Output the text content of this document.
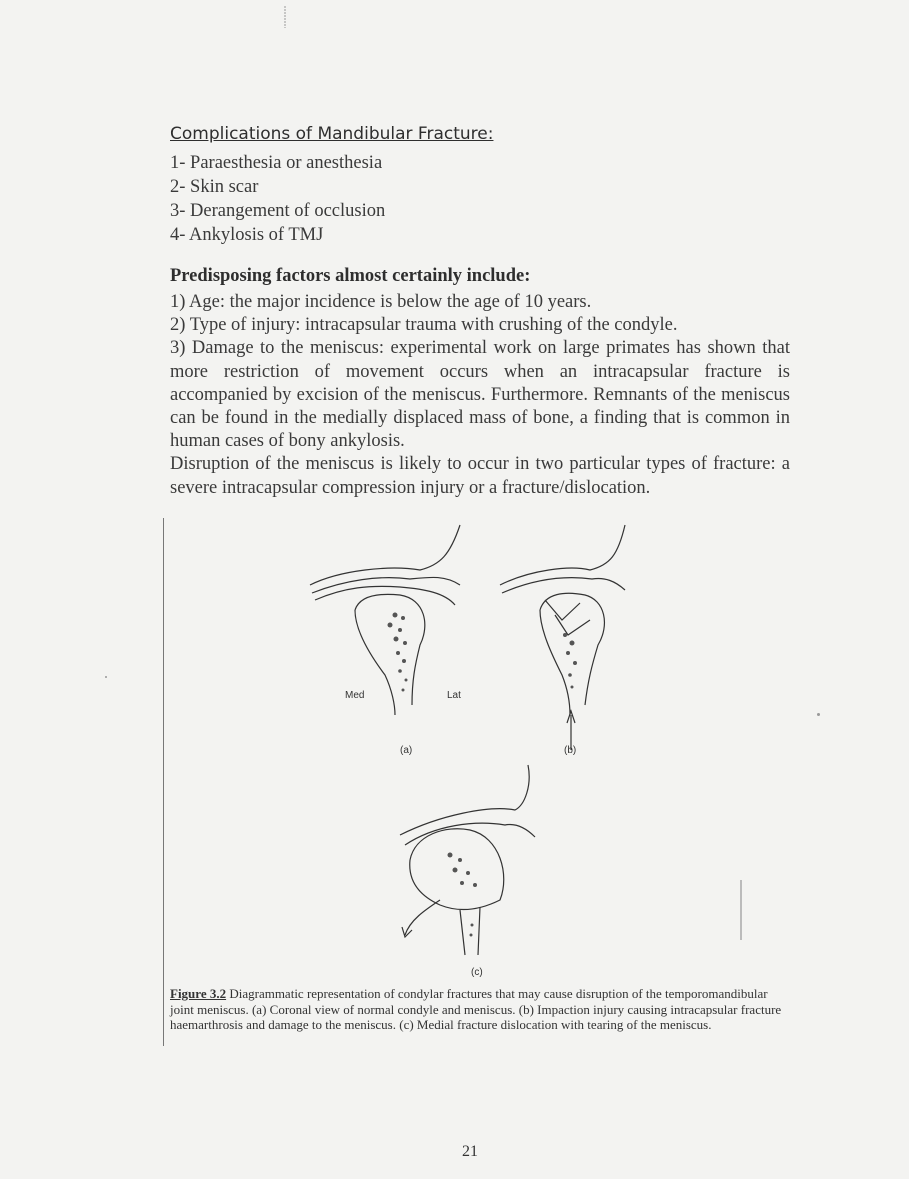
Complications of Mandibular Fracture:
1- Paraesthesia or anesthesia
2- Skin scar
3- Derangement of occlusion
4- Ankylosis of TMJ
Predisposing factors almost certainly include:

1) Age: the major incidence is below the age of 10 years.

2) Type of injury: intracapsular trauma with crushing of the condyle.

3) Damage to the meniscus: experimental work on large primates has shown that more restriction of movement occurs when an intracapsular fracture is accompanied by excision of the meniscus. Furthermore. Remnants of the meniscus can be found in the medially displaced mass of bone, a finding that is common in human cases of bony ankylosis.

Disruption of the meniscus is likely to occur in two particular types of fracture: a severe intracapsular compression injury or a fracture/dislocation.

Med	Lat
(a)	(b)
(c)

Figure 3.2 Diagrammatic representation of condylar fractures that may cause disruption of the temporomandibular joint meniscus. (a) Coronal view of normal condyle and meniscus. (b) Impaction injury causing intracapsular fracture haemarthrosis and damage to the meniscus. (c) Medial fracture dislocation with tearing of the meniscus.

21
